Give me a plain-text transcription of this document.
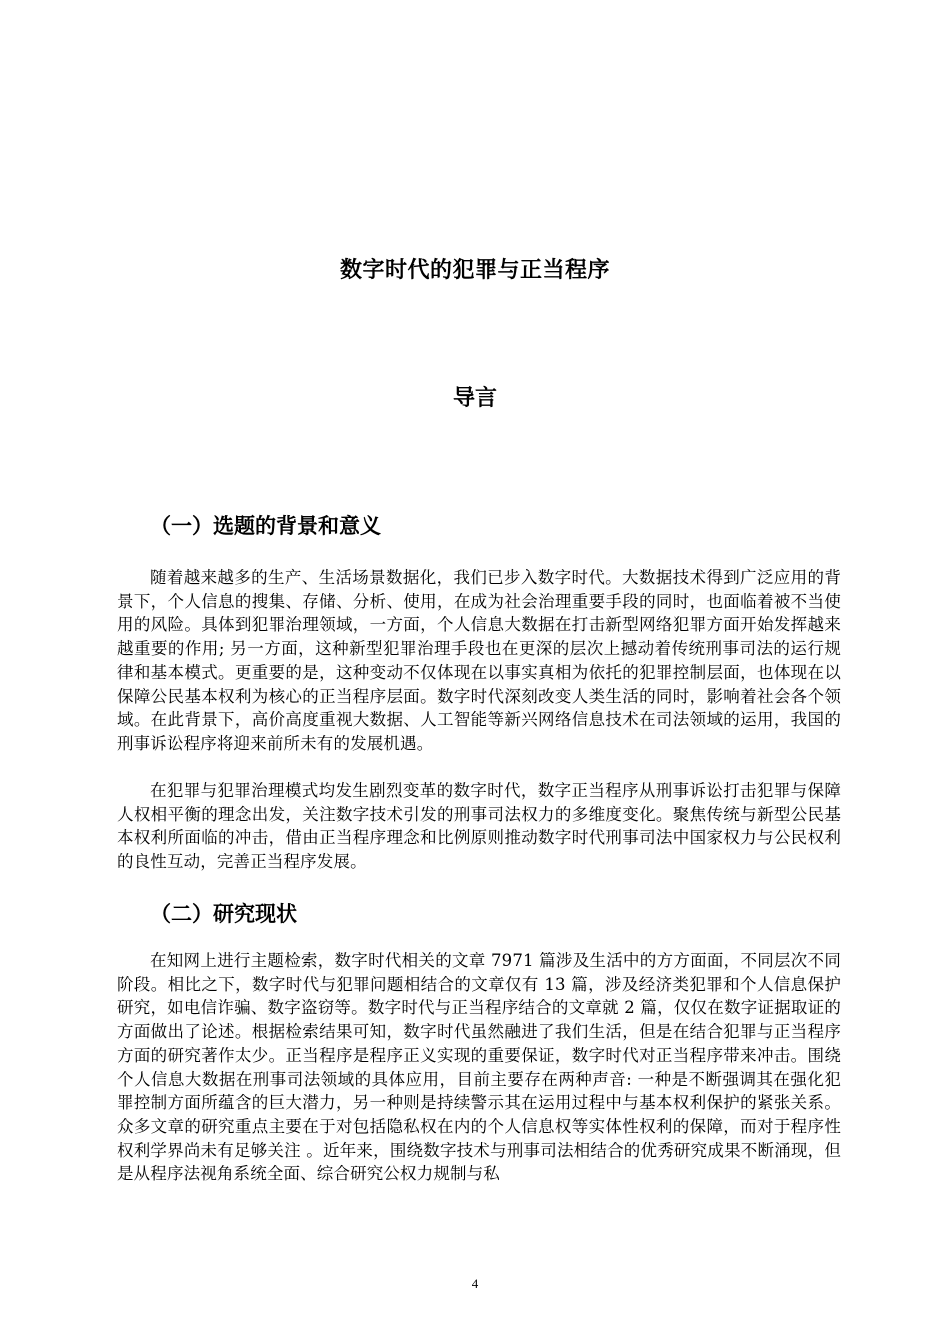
数字时代的犯罪与正当程序
导言
（一）选题的背景和意义

随着越来越多的生产、生活场景数据化，我们已步入数字时代。大数据技术得到广泛应用的背景下，个人信息的搜集、存储、分析、使用，在成为社会治理重要手段的同时，也面临着被不当使用的风险。具体到犯罪治理领域，一方面，个人信息大数据在打击新型网络犯罪方面开始发挥越来越重要的作用; 另一方面，这种新型犯罪治理手段也在更深的层次上撼动着传统刑事司法的运行规律和基本模式。更重要的是，这种变动不仅体现在以事实真相为依托的犯罪控制层面，也体现在以保障公民基本权利为核心的正当程序层面。数字时代深刻改变人类生活的同时，影响着社会各个领域。在此背景下，高价高度重视大数据、人工智能等新兴网络信息技术在司法领域的运用，我国的刑事诉讼程序将迎来前所未有的发展机遇。

在犯罪与犯罪治理模式均发生剧烈变革的数字时代，数字正当程序从刑事诉讼打击犯罪与保障人权相平衡的理念出发，关注数字技术引发的刑事司法权力的多维度变化。聚焦传统与新型公民基本权利所面临的冲击，借由正当程序理念和比例原则推动数字时代刑事司法中国家权力与公民权利的良性互动，完善正当程序发展。

（二）研究现状

在知网上进行主题检索，数字时代相关的文章 7971 篇涉及生活中的方方面面，不同层次不同阶段。相比之下，数字时代与犯罪问题相结合的文章仅有 13 篇，涉及经济类犯罪和个人信息保护研究，如电信诈骗、数字盗窃等。数字时代与正当程序结合的文章就 2 篇，仅仅在数字证据取证的方面做出了论述。根据检索结果可知，数字时代虽然融进了我们生活，但是在结合犯罪与正当程序方面的研究著作太少。正当程序是程序正义实现的重要保证，数字时代对正当程序带来冲击。围绕个人信息大数据在刑事司法领域的具体应用，目前主要存在两种声音: 一种是不断强调其在强化犯罪控制方面所蕴含的巨大潜力，另一种则是持续警示其在运用过程中与基本权利保护的紧张关系。众多文章的研究重点主要在于对包括隐私权在内的个人信息权等实体性权利的保障，而对于程序性权利学界尚未有足够关注 。近年来，围绕数字技术与刑事司法相结合的优秀研究成果不断涌现，但是从程序法视角系统全面、综合研究公权力规制与私

4
